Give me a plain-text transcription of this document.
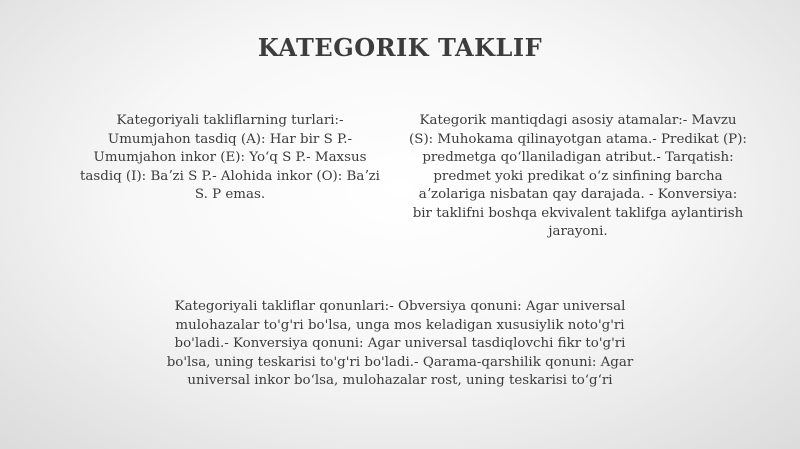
KATEGORIK TAKLIF
Kategoriyali takliflarning turlari:-
Umumjahon tasdiq (A): Har bir S P.-
Umumjahon inkor (E): Yoʻq S P.- Maxsus
tasdiq (I): Baʼzi S P.- Alohida inkor (O): Baʼzi
S. P emas.
Kategorik mantiqdagi asosiy atamalar:- Mavzu
(S): Muhokama qilinayotgan atama.- Predikat (P):
predmetga qoʻllaniladigan atribut.- Tarqatish:
predmet yoki predikat oʻz sinfining barcha
aʼzolariga nisbatan qay darajada. - Konversiya:
bir taklifni boshqa ekvivalent taklifga aylantirish
jarayoni.
Kategoriyali takliflar qonunlari:- Obversiya qonuni: Agar universal
mulohazalar to'g'ri bo'lsa, unga mos keladigan xususiylik noto'g'ri
bo'ladi.- Konversiya qonuni: Agar universal tasdiqlovchi fikr to'g'ri
bo'lsa, uning teskarisi to'g'ri bo'ladi.- Qarama-qarshilik qonuni: Agar
universal inkor boʻlsa, mulohazalar rost, uning teskarisi toʻgʻri
